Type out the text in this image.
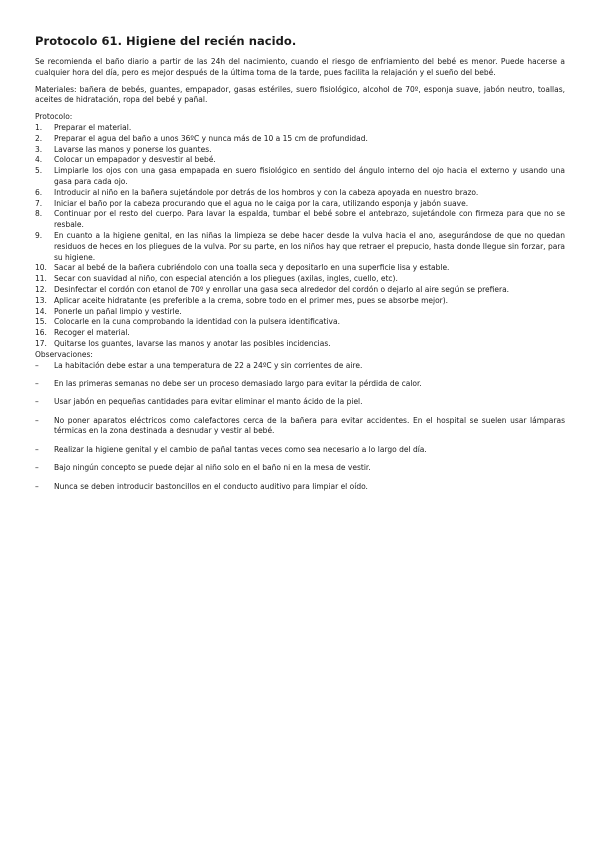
Protocolo 61. Higiene del recién nacido.

Se recomienda el baño diario a partir de las 24h del nacimiento, cuando el riesgo de enfriamiento del bebé es menor. Puede hacerse a cualquier hora del día, pero es mejor después de la última toma de la tarde, pues facilita la relajación y el sueño del bebé.

Materiales: bañera de bebés, guantes, empapador, gasas estériles, suero fisiológico, alcohol de 70º, esponja suave, jabón neutro, toallas, aceites de hidratación, ropa del bebé y pañal.

Protocolo:
1. Preparar el material.
2. Preparar el agua del baño a unos 36ºC y nunca más de 10 a 15 cm de profundidad.
3. Lavarse las manos y ponerse los guantes.
4. Colocar un empapador y desvestir al bebé.
5. Limpiarle los ojos con una gasa empapada en suero fisiológico en sentido del ángulo interno del ojo hacia el externo y usando una gasa para cada ojo.
6. Introducir al niño en la bañera sujetándole por detrás de los hombros y con la cabeza apoyada en nuestro brazo.
7. Iniciar el baño por la cabeza procurando que el agua no le caiga por la cara, utilizando esponja y jabón suave.
8. Continuar por el resto del cuerpo. Para lavar la espalda, tumbar el bebé sobre el antebrazo, sujetándole con firmeza para que no se resbale.
9. En cuanto a la higiene genital, en las niñas la limpieza se debe hacer desde la vulva hacia el ano, asegurándose de que no quedan residuos de heces en los pliegues de la vulva. Por su parte, en los niños hay que retraer el prepucio, hasta donde llegue sin forzar, para su higiene.
10. Sacar al bebé de la bañera cubriéndolo con una toalla seca y depositarlo en una superficie lisa y estable.
11. Secar con suavidad al niño, con especial atención a los pliegues (axilas, ingles, cuello, etc).
12. Desinfectar el cordón con etanol de 70º y enrollar una gasa seca alrededor del cordón o dejarlo al aire según se prefiera.
13. Aplicar aceite hidratante (es preferible a la crema, sobre todo en el primer mes, pues se absorbe mejor).
14. Ponerle un pañal limpio y vestirle.
15. Colocarle en la cuna comprobando la identidad con la pulsera identificativa.
16. Recoger el material.
17. Quitarse los guantes, lavarse las manos y anotar las posibles incidencias.
Observaciones:
– La habitación debe estar a una temperatura de 22 a 24ºC y sin corrientes de aire.
– En las primeras semanas no debe ser un proceso demasiado largo para evitar la pérdida de calor.
– Usar jabón en pequeñas cantidades para evitar eliminar el manto ácido de la piel.
– No poner aparatos eléctricos como calefactores cerca de la bañera para evitar accidentes. En el hospital se suelen usar lámparas térmicas en la zona destinada a desnudar y vestir al bebé.
– Realizar la higiene genital y el cambio de pañal tantas veces como sea necesario a lo largo del día.
– Bajo ningún concepto se puede dejar al niño solo en el baño ni en la mesa de vestir.
– Nunca se deben introducir bastoncillos en el conducto auditivo para limpiar el oído.
